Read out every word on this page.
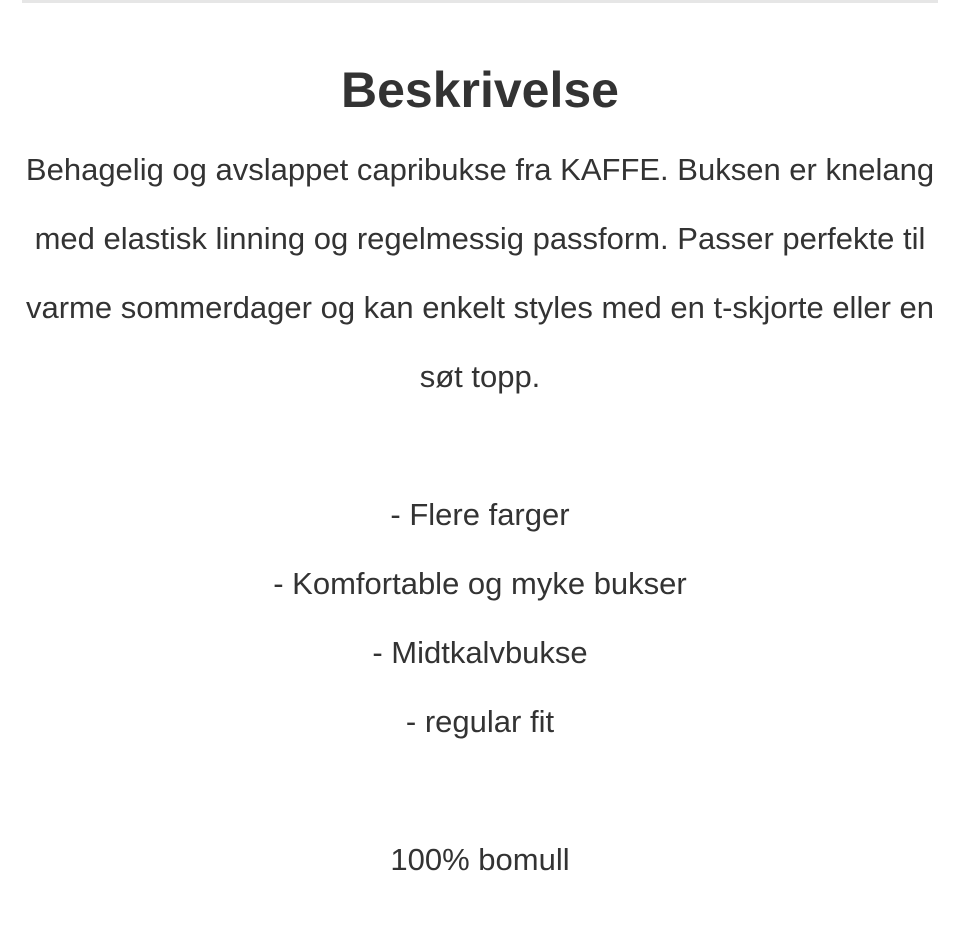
Beskrivelse

Behagelig og avslappet capribukse fra KAFFE. Buksen er knelang med elastisk linning og regelmessig passform. Passer perfekte til varme sommerdager og kan enkelt styles med en t-skjorte eller en søt topp.

- Flere farger
- Komfortable og myke bukser
- Midtkalvbukse
- regular fit

100% bomull
